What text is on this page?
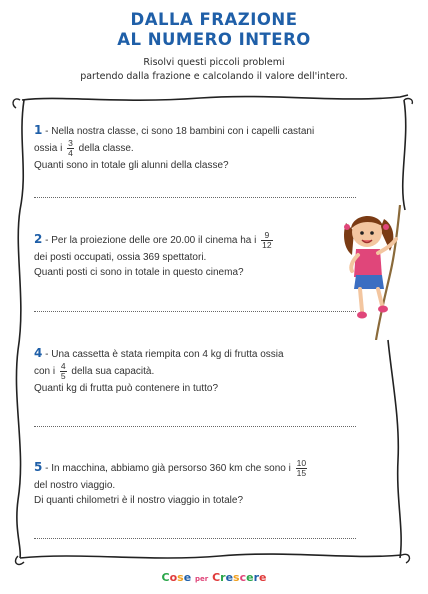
DALLA FRAZIONE
AL NUMERO INTERO
Risolvi questi piccoli problemi
partendo dalla frazione e calcolando il valore dell'intero.
1 - Nella nostra classe, ci sono 18 bambini con i capelli castani
ossia i $\frac{3}{4}$ della classe.
Quanti sono in totale gli alunni della classe?
2 - Per la proiezione delle ore 20.00 il cinema ha i $\frac{9}{12}$

dei posti occupati, ossia 369 spettatori.
Quanti posti ci sono in totale in questo cinema?
4 - Una cassetta è stata riempita con 4 kg di frutta ossia
con i $\frac{4}{5}$ della sua capacità.
Quanti kg di frutta può contenere in tutto?
5 - In macchina, abbiamo già persorso 360 km che sono i $\frac{10}{15}$

del nostro viaggio.
Di quanti chilometri è il nostro viaggio in totale?
Cose per Crescere
